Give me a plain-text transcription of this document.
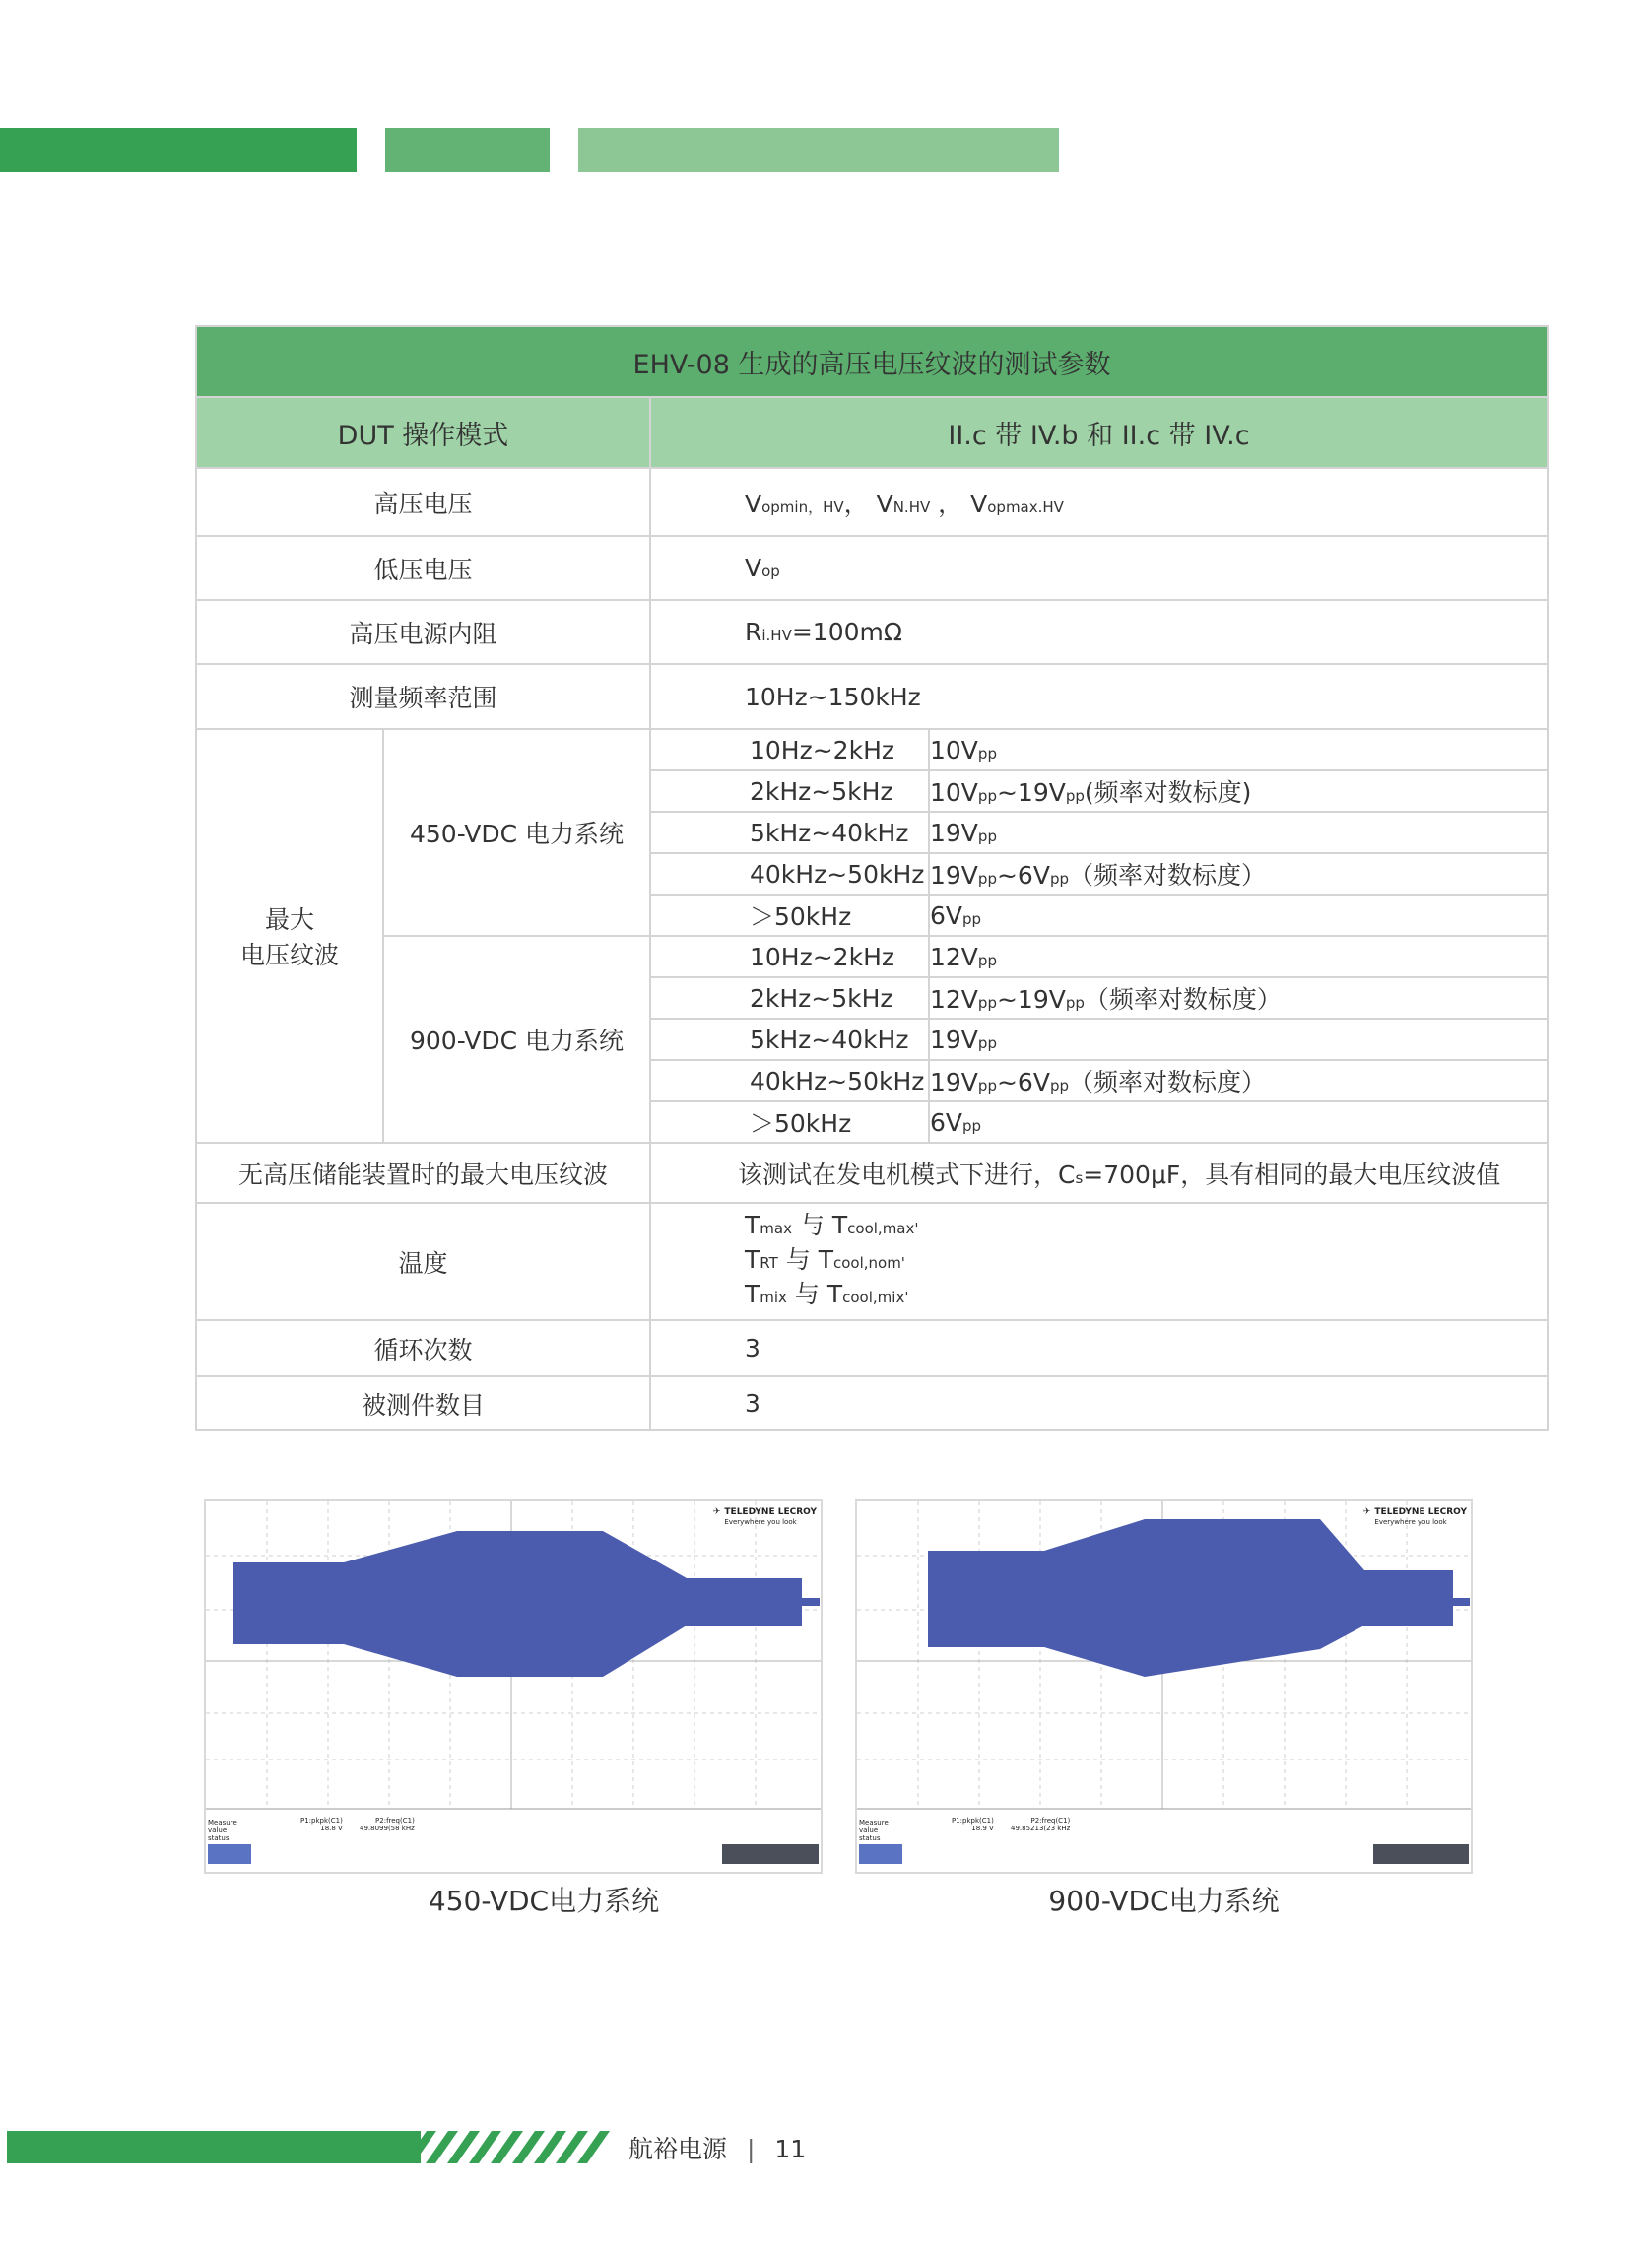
EHV-08 生成的高压电压纹波的测试参数			
DUT 操作模式		II.c 带 IV.b 和 II.c 带 IV.c	
高压电压		Vopmin，HV， VN.HV ， Vopmax.HV	
低压电压		Vop	
高压电源内阻		Ri.HV=100mΩ	
测量频率范围		10Hz~150kHz	

最大
电压纹波	450-VDC 电力系统	10Hz~2kHz	10Vpp
		2kHz~5kHz	10Vpp~19Vpp(频率对数标度)
		5kHz~40kHz	19Vpp
		40kHz~50kHz	19Vpp~6Vpp（频率对数标度）
		＞50kHz	6Vpp
	900-VDC 电力系统	10Hz~2kHz	12Vpp
		2kHz~5kHz	12Vpp~19Vpp（频率对数标度）
		5kHz~40kHz	19Vpp
		40kHz~50kHz	19Vpp~6Vpp（频率对数标度）
		＞50kHz	6Vpp
无高压储能装置时的最大电压纹波		该测试在发电机模式下进行，Cs=700μF，具有相同的最大电压纹波值	
温度		Tmax 与 Tcool,max'
TRT 与 Tcool,nom'
Tmix 与 Tcool,mix'	

循环次数		3	
被测件数目		3	
✈ TELEDYNE LECROY
Everywhere you look
Measure
value
status
P1:pkpk(C1)
18.8 V
P2:freq(C1)
49.8099(58 kHz
450-VDC电力系统
✈ TELEDYNE LECROY
Everywhere you look
Measure
value
status
P1:pkpk(C1)
18.9 V
P2:freq(C1)
49.85213(23 kHz
900-VDC电力系统
航裕电源 | 11
